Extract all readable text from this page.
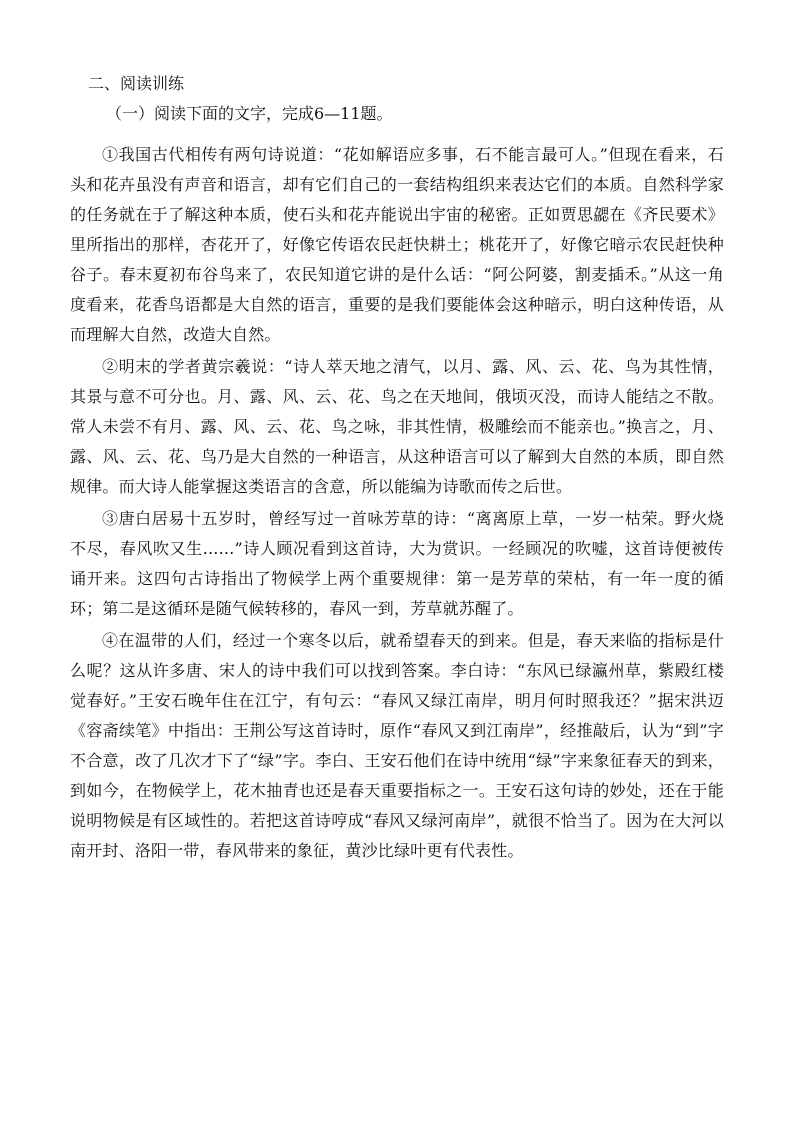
二、阅读训练
（一）阅读下面的文字，完成6—11题。

①我国古代相传有两句诗说道：“花如解语应多事，石不能言最可人。”但现在看来，石头和花卉虽没有声音和语言，却有它们自己的一套结构组织来表达它们的本质。自然科学家的任务就在于了解这种本质，使石头和花卉能说出宇宙的秘密。正如贾思勰在《齐民要术》里所指出的那样，杏花开了，好像它传语农民赶快耕土；桃花开了，好像它暗示农民赶快种谷子。春末夏初布谷鸟来了，农民知道它讲的是什么话：“阿公阿婆，割麦插禾。”从这一角度看来，花香鸟语都是大自然的语言，重要的是我们要能体会这种暗示，明白这种传语，从而理解大自然，改造大自然。

②明末的学者黄宗羲说：“诗人萃天地之清气，以月、露、风、云、花、鸟为其性情，其景与意不可分也。月、露、风、云、花、鸟之在天地间，俄顷灭没，而诗人能结之不散。常人未尝不有月、露、风、云、花、鸟之咏，非其性情，极雕绘而不能亲也。”换言之，月、露、风、云、花、鸟乃是大自然的一种语言，从这种语言可以了解到大自然的本质，即自然规律。而大诗人能掌握这类语言的含意，所以能编为诗歌而传之后世。

③唐白居易十五岁时，曾经写过一首咏芳草的诗：“离离原上草，一岁一枯荣。野火烧不尽，春风吹又生......”诗人顾况看到这首诗，大为赏识。一经顾况的吹嘘，这首诗便被传诵开来。这四句古诗指出了物候学上两个重要规律：第一是芳草的荣枯，有一年一度的循环；第二是这循环是随气候转移的，春风一到，芳草就苏醒了。

④在温带的人们，经过一个寒冬以后，就希望春天的到来。但是，春天来临的指标是什么呢？这从许多唐、宋人的诗中我们可以找到答案。李白诗：“东风已绿瀛州草，紫殿红楼觉春好。”王安石晚年住在江宁，有句云：“春风又绿江南岸，明月何时照我还？”据宋洪迈《容斋续笔》中指出：王荆公写这首诗时，原作“春风又到江南岸”，经推敲后，认为“到”字不合意，改了几次才下了“绿”字。李白、王安石他们在诗中统用“绿”字来象征春天的到来，到如今，在物候学上，花木抽青也还是春天重要指标之一。王安石这句诗的妙处，还在于能说明物候是有区域性的。若把这首诗哼成“春风又绿河南岸”，就很不恰当了。因为在大河以南开封、洛阳一带，春风带来的象征，黄沙比绿叶更有代表性。
